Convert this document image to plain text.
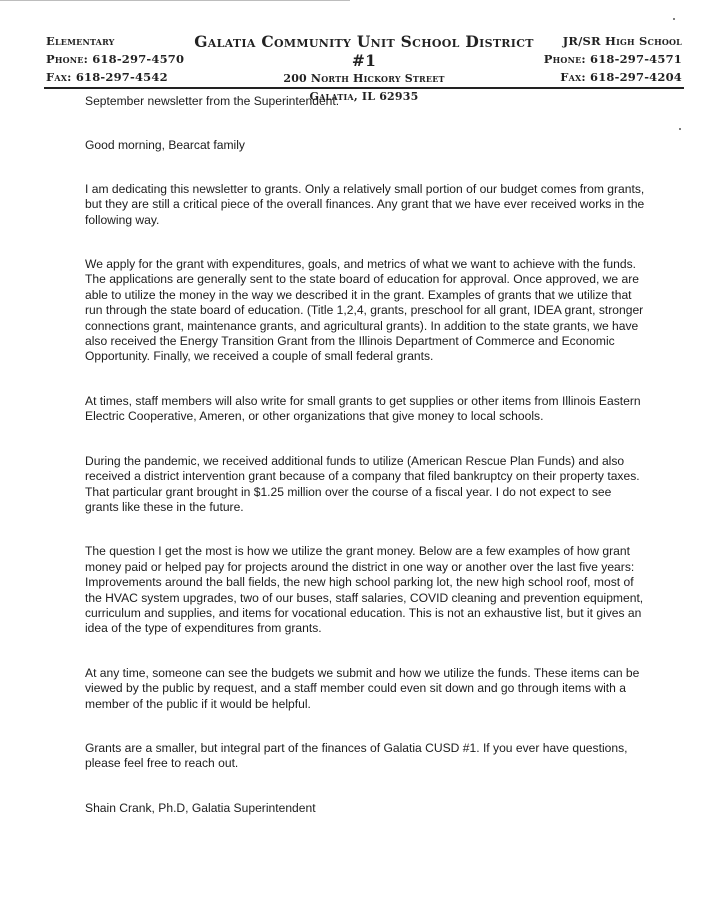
Elementary
Phone: 618-297-4570
Fax: 618-297-4542
Galatia Community Unit School District #1
200 North Hickory Street
Galatia, IL 62935
JR/SR High School
Phone: 618-297-4571
Fax: 618-297-4204

September newsletter from the Superintendent.

Good morning, Bearcat family

I am dedicating this newsletter to grants. Only a relatively small portion of our budget comes from grants, but they are still a critical piece of the overall finances. Any grant that we have ever received works in the following way.

We apply for the grant with expenditures, goals, and metrics of what we want to achieve with the funds. The applications are generally sent to the state board of education for approval. Once approved, we are able to utilize the money in the way we described it in the grant. Examples of grants that we utilize that run through the state board of education. (Title 1,2,4, grants, preschool for all grant, IDEA grant, stronger connections grant, maintenance grants, and agricultural grants). In addition to the state grants, we have also received the Energy Transition Grant from the Illinois Department of Commerce and Economic Opportunity. Finally, we received a couple of small federal grants.

At times, staff members will also write for small grants to get supplies or other items from Illinois Eastern Electric Cooperative, Ameren, or other organizations that give money to local schools.

During the pandemic, we received additional funds to utilize (American Rescue Plan Funds) and also received a district intervention grant because of a company that filed bankruptcy on their property taxes. That particular grant brought in $1.25 million over the course of a fiscal year. I do not expect to see grants like these in the future.

The question I get the most is how we utilize the grant money. Below are a few examples of how grant money paid or helped pay for projects around the district in one way or another over the last five years: Improvements around the ball fields, the new high school parking lot, the new high school roof, most of the HVAC system upgrades, two of our buses, staff salaries, COVID cleaning and prevention equipment, curriculum and supplies, and items for vocational education. This is not an exhaustive list, but it gives an idea of the type of expenditures from grants.

At any time, someone can see the budgets we submit and how we utilize the funds. These items can be viewed by the public by request, and a staff member could even sit down and go through items with a member of the public if it would be helpful.

Grants are a smaller, but integral part of the finances of Galatia CUSD #1. If you ever have questions, please feel free to reach out.

Shain Crank, Ph.D, Galatia Superintendent
